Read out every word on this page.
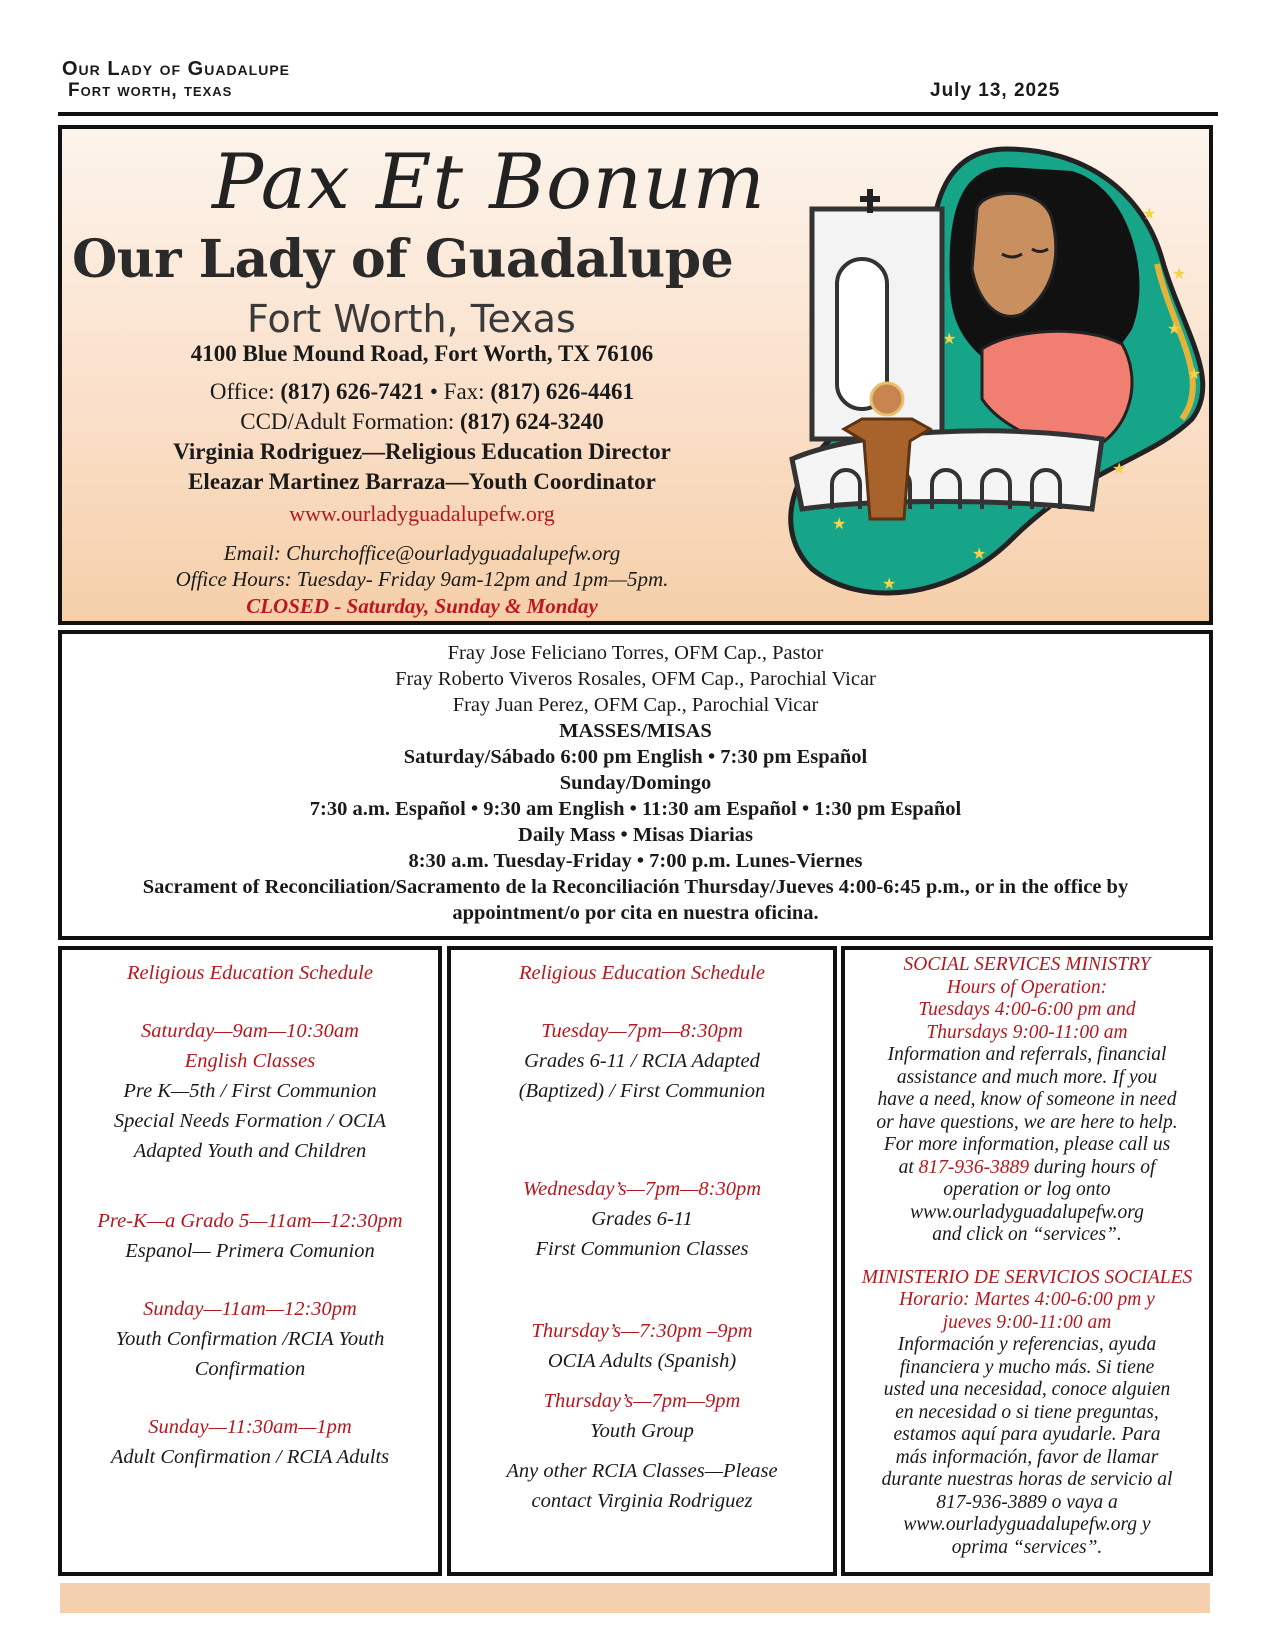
Our Lady of Guadalupe
Fort worth, texas	July 13, 2025
Pax Et Bonum
Our Lady of Guadalupe
Fort Worth, Texas
4100 Blue Mound Road, Fort Worth, TX 76106
Office: (817) 626-7421 • Fax: (817) 626-4461
CCD/Adult Formation: (817) 624-3240
Virginia Rodriguez—Religious Education Director
Eleazar Martinez Barraza—Youth Coordinator
www.ourladyguadalupefw.org
Email: Churchoffice@ourladyguadalupefw.org
Office Hours: Tuesday- Friday 9am-12pm and 1pm—5pm.
CLOSED - Saturday, Sunday & Monday
★
★
★
★
★
★
★
★
★
Fray Jose Feliciano Torres, OFM Cap., Pastor
Fray Roberto Viveros Rosales, OFM Cap., Parochial Vicar
Fray Juan Perez, OFM Cap., Parochial Vicar
MASSES/MISAS
Saturday/Sábado 6:00 pm English • 7:30 pm Español
Sunday/Domingo
7:30 a.m. Español • 9:30 am English • 11:30 am Español • 1:30 pm Español
Daily Mass • Misas Diarias
8:30 a.m. Tuesday-Friday • 7:00 p.m. Lunes-Viernes
Sacrament of Reconciliation/Sacramento de la Reconciliación Thursday/Jueves 4:00-6:45 p.m., or in the office by appointment/o por cita en nuestra oficina.
Religious Education Schedule
Saturday—9am—10:30am
English Classes
Pre K—5th / First Communion
Special Needs Formation / OCIA
Adapted Youth and Children
Pre-K—a Grado 5—11am—12:30pm
Espanol— Primera Comunion
Sunday—11am—12:30pm
Youth Confirmation /RCIA Youth
Confirmation
Sunday—11:30am—1pm
Adult Confirmation / RCIA Adults
Religious Education Schedule
Tuesday—7pm—8:30pm
Grades 6-11 / RCIA Adapted
(Baptized) / First Communion
Wednesday’s—7pm—8:30pm
Grades 6-11
First Communion Classes
Thursday’s—7:30pm –9pm
OCIA Adults (Spanish)
Thursday’s—7pm—9pm
Youth Group
Any other RCIA Classes—Please
contact Virginia Rodriguez
SOCIAL SERVICES MINISTRY
Hours of Operation:
Tuesdays 4:00-6:00 pm and
Thursdays 9:00-11:00 am
Information and referrals, financial
assistance and much more. If you
have a need, know of someone in need
or have questions, we are here to help.
For more information, please call us
at 817-936-3889 during hours of
operation or log onto
www.ourladyguadalupefw.org
and click on “services”.
MINISTERIO DE SERVICIOS SOCIALES
Horario: Martes 4:00-6:00 pm y
jueves 9:00-11:00 am
Información y referencias, ayuda
financiera y mucho más. Si tiene
usted una necesidad, conoce alguien
en necesidad o si tiene preguntas,
estamos aquí para ayudarle. Para
más información, favor de llamar
durante nuestras horas de servicio al
817-936-3889 o vaya a
www.ourladyguadalupefw.org y
oprima “services”.
